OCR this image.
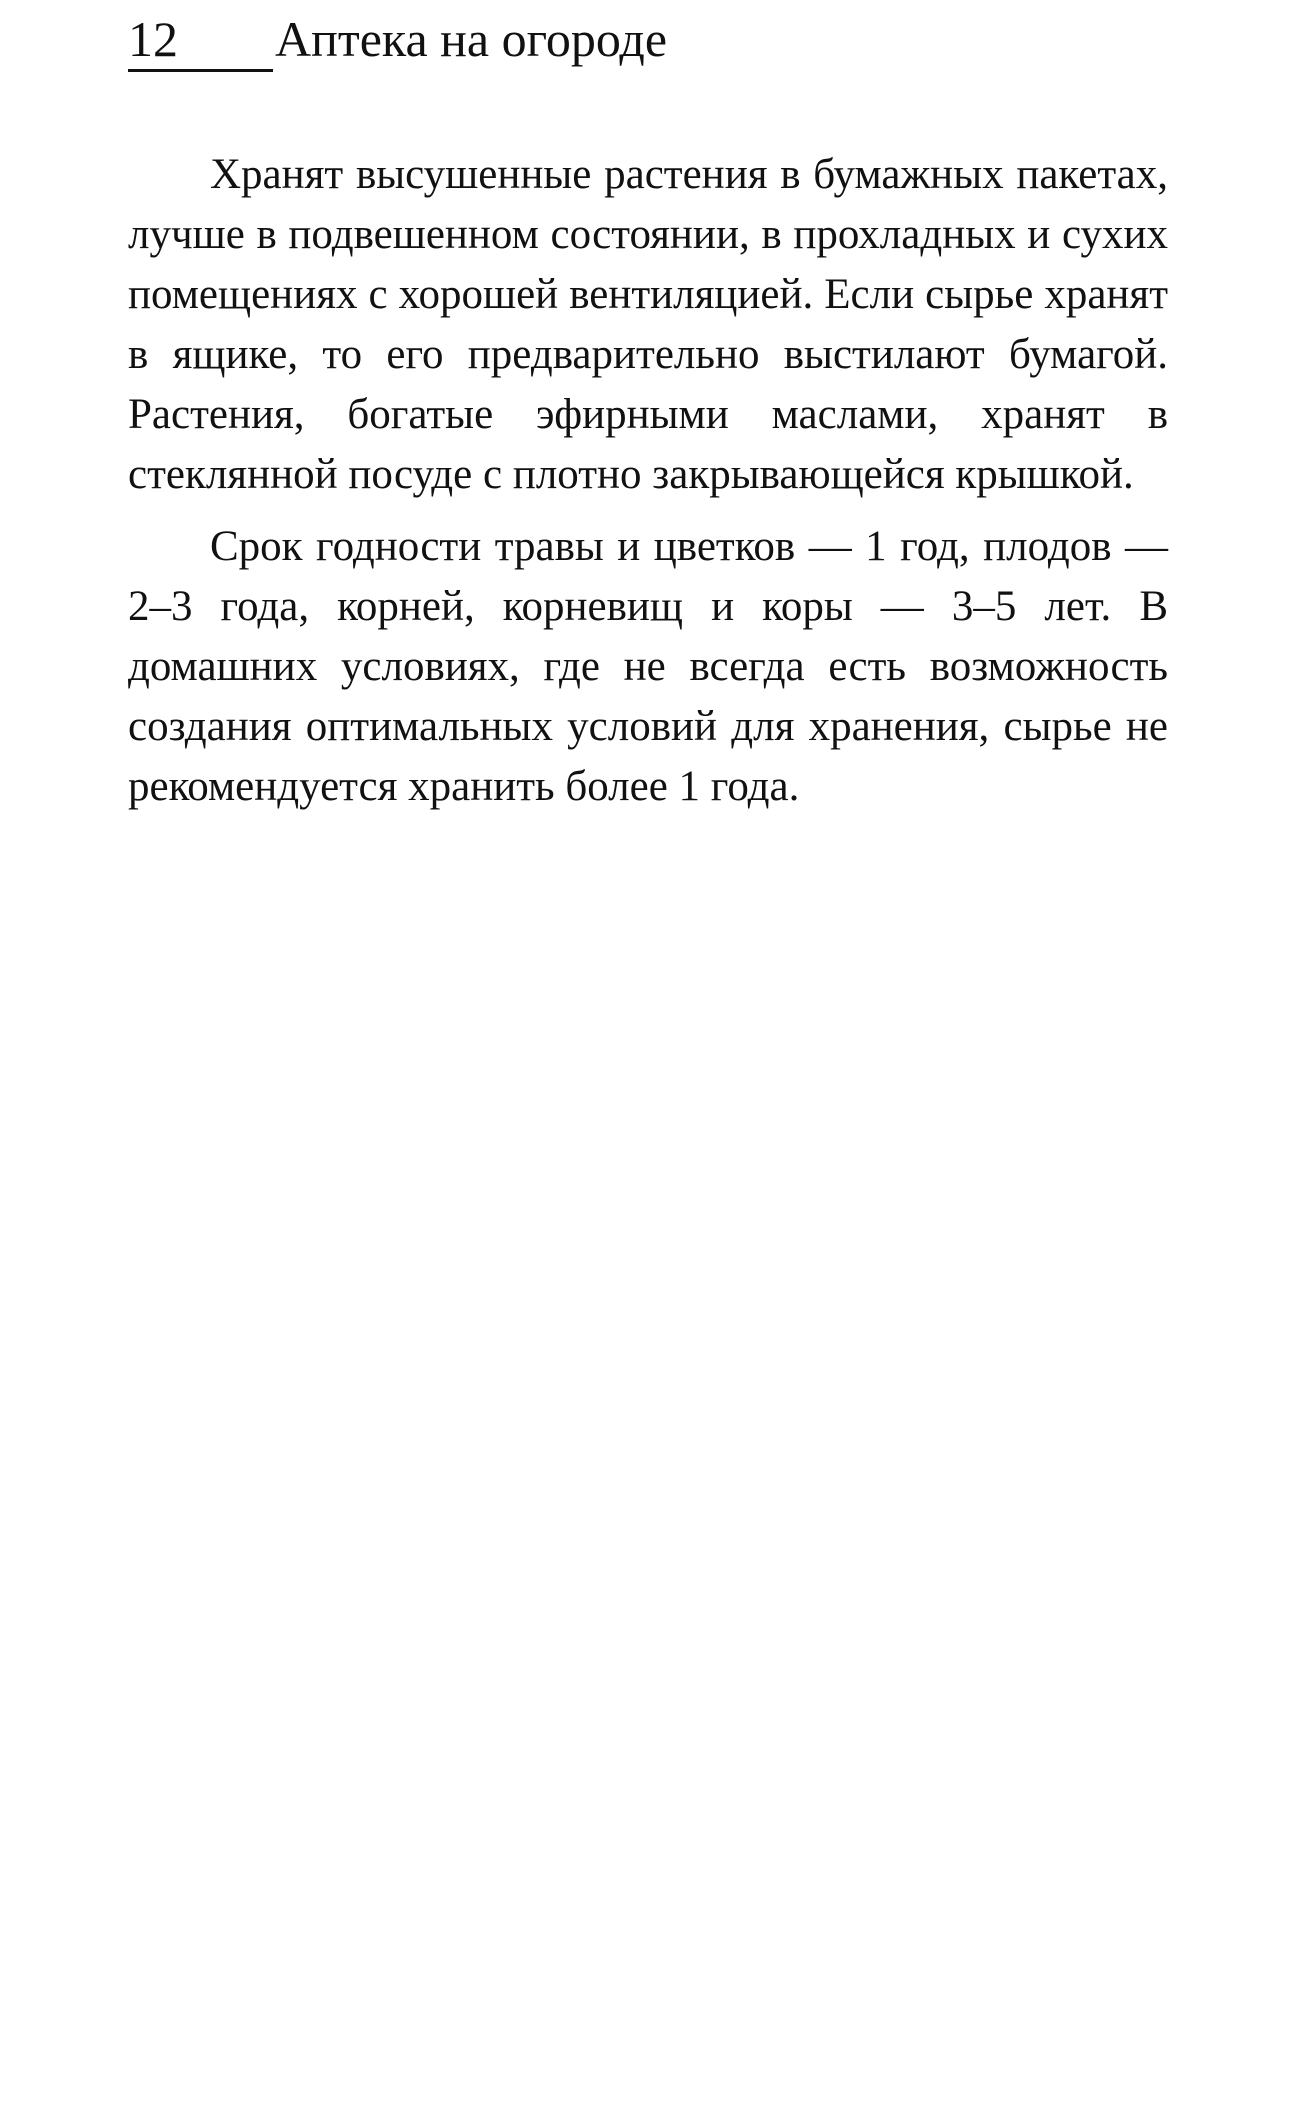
12 Аптека на огороде

Хранят высушенные растения в бумажных пакетах, лучше в подвешенном состоянии, в прохладных и сухих помещениях с хорошей вентиляцией. Если сырье хранят в ящике, то его предварительно выстилают бумагой. Растения, богатые эфирными маслами, хранят в стеклянной посуде с плотно закрывающейся крышкой.

Срок годности травы и цветков — 1 год, плодов — 2–3 года, корней, корневищ и коры — 3–5 лет. В домашних условиях, где не всегда есть возможность создания оптимальных условий для хранения, сырье не рекомендуется хранить более 1 года.
